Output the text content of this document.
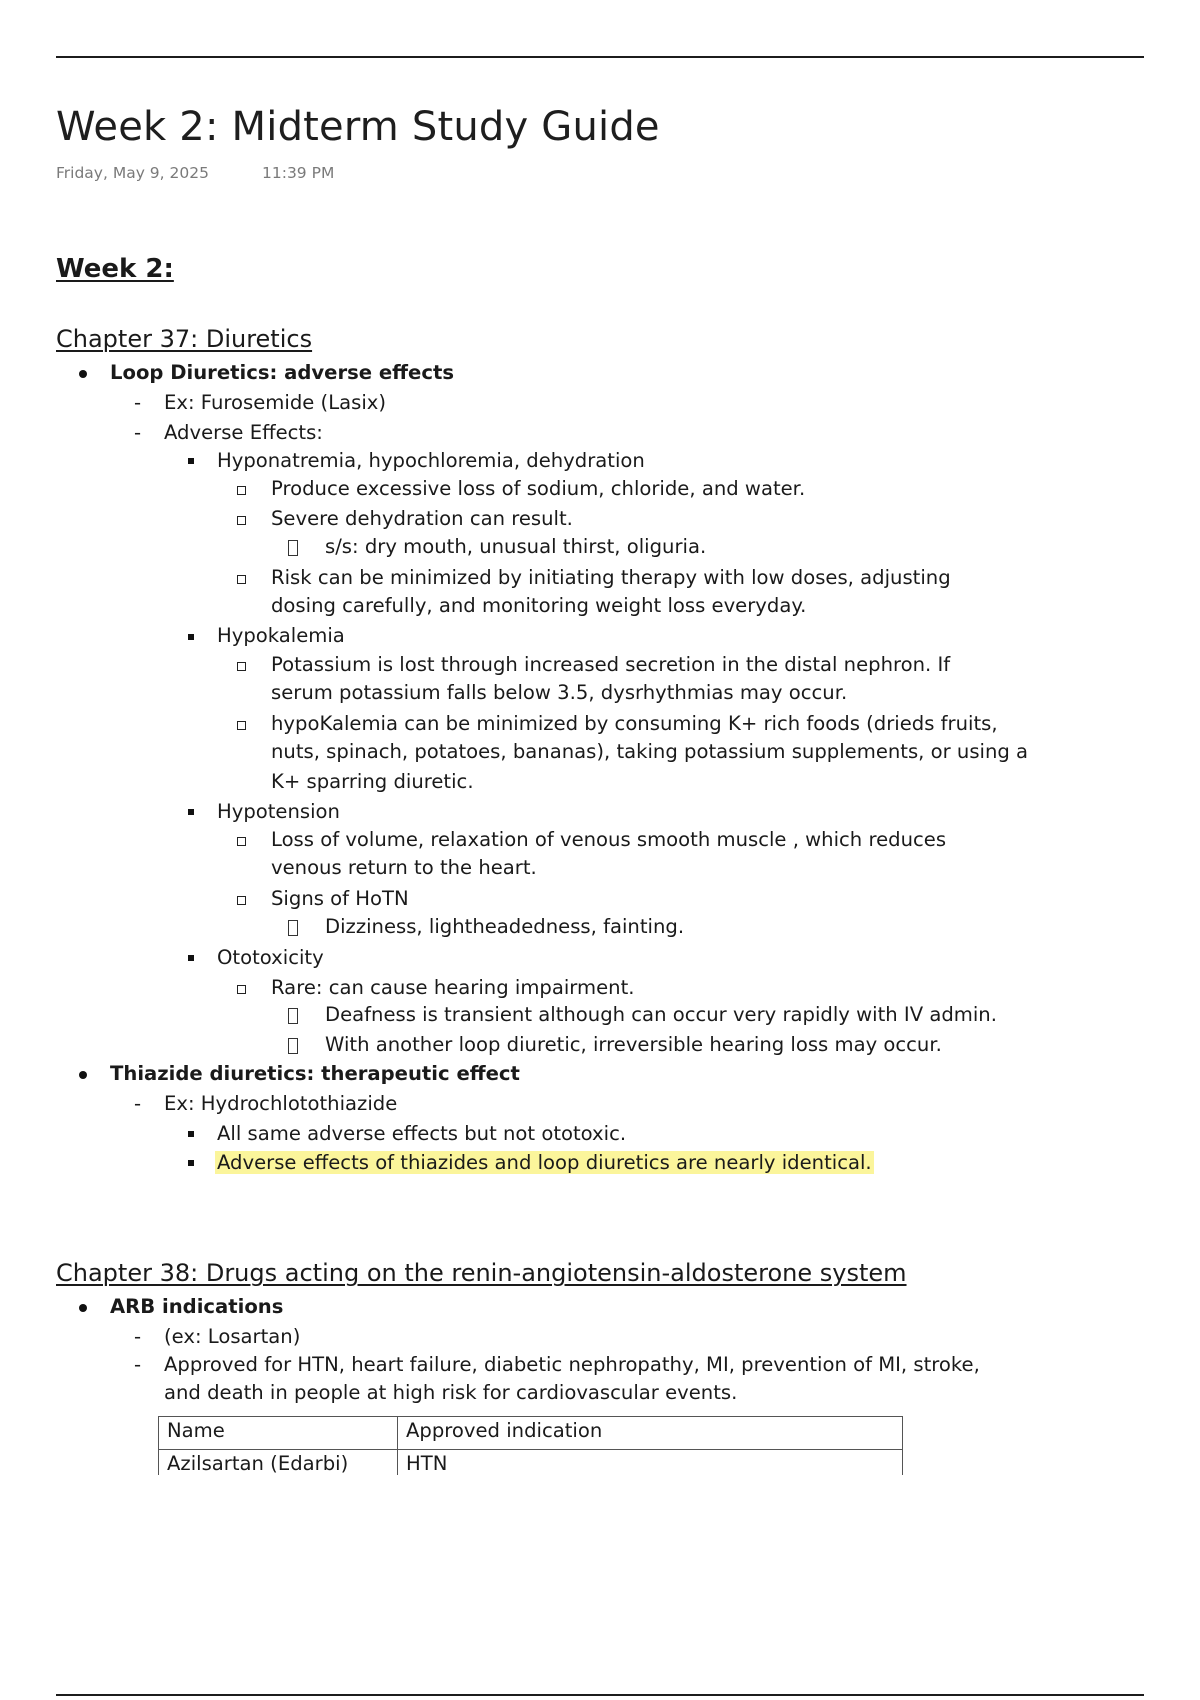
Week 2: Midterm Study Guide
Friday, May 9, 2025	11:39 PM
Week 2:
Chapter 37: Diuretics
Loop Diuretics: adverse effects
- Ex: Furosemide (Lasix)
- Adverse Effects:
Hyponatremia, hypochloremia, dehydration
Produce excessive loss of sodium, chloride, and water.
Severe dehydration can result.
s/s: dry mouth, unusual thirst, oliguria.
Risk can be minimized by initiating therapy with low doses, adjusting
dosing carefully, and monitoring weight loss everyday.
Hypokalemia
Potassium is lost through increased secretion in the distal nephron. If
serum potassium falls below 3.5, dysrhythmias may occur.
hypoKalemia can be minimized by consuming K+ rich foods (drieds fruits,
nuts, spinach, potatoes, bananas), taking potassium supplements, or using a
K+ sparring diuretic.
Hypotension
Loss of volume, relaxation of venous smooth muscle , which reduces
venous return to the heart.
Signs of HoTN
Dizziness, lightheadedness, fainting.
Ototoxicity
Rare: can cause hearing impairment.
Deafness is transient although can occur very rapidly with IV admin.
With another loop diuretic, irreversible hearing loss may occur.
Thiazide diuretics: therapeutic effect
- Ex: Hydrochlotothiazide
All same adverse effects but not ototoxic.
Adverse effects of thiazides and loop diuretics are nearly identical.
Chapter 38: Drugs acting on the renin-angiotensin-aldosterone system
ARB indications
- (ex: Losartan)
- Approved for HTN, heart failure, diabetic nephropathy, MI, prevention of MI, stroke,
and death in people at high risk for cardiovascular events.
Name	Approved indication
Azilsartan (Edarbi)	HTN
